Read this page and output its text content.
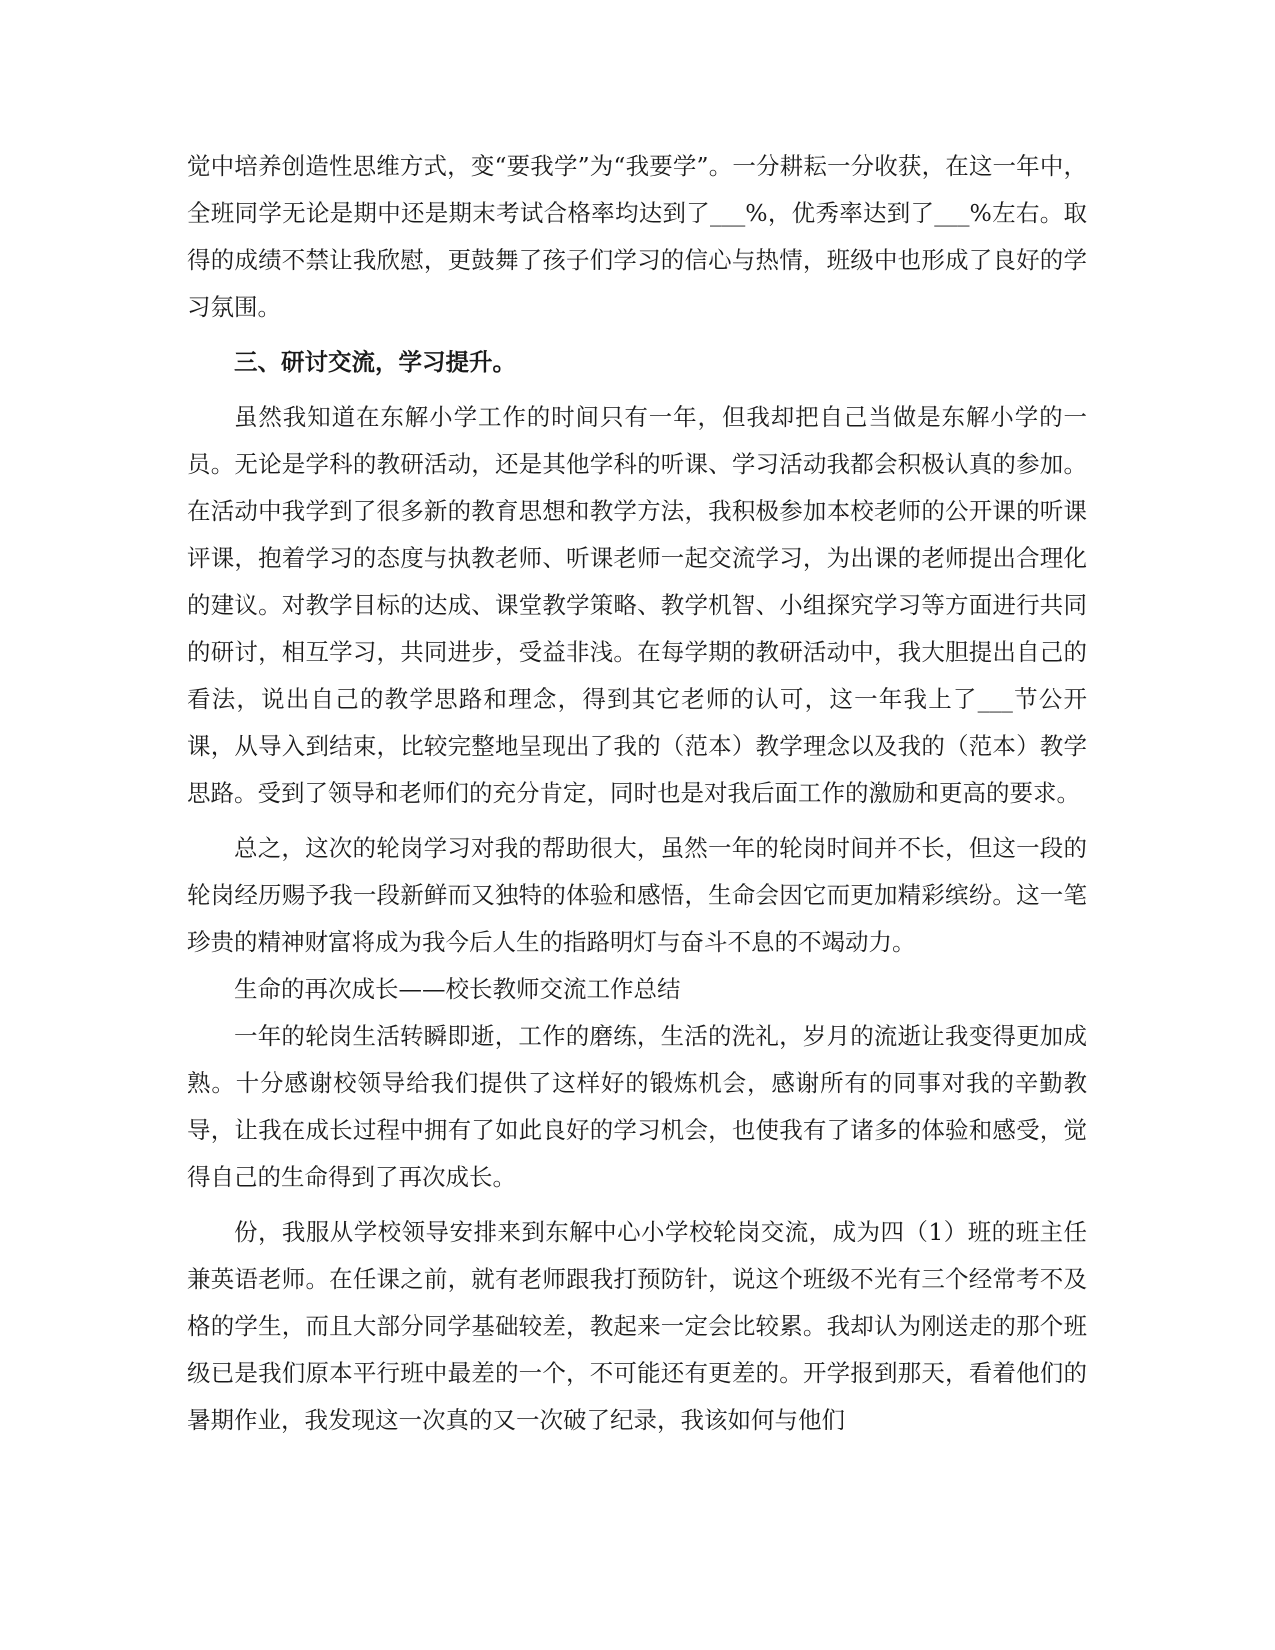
觉中培养创造性思维方式，变“要我学”为“我要学”。一分耕耘一分收获，在这一年中，全班同学无论是期中还是期末考试合格率均达到了___%，优秀率达到了___%左右。取得的成绩不禁让我欣慰，更鼓舞了孩子们学习的信心与热情，班级中也形成了良好的学习氛围。

三、研讨交流，学习提升。

虽然我知道在东解小学工作的时间只有一年，但我却把自己当做是东解小学的一员。无论是学科的教研活动，还是其他学科的听课、学习活动我都会积极认真的参加。在活动中我学到了很多新的教育思想和教学方法，我积极参加本校老师的公开课的听课评课，抱着学习的态度与执教老师、听课老师一起交流学习，为出课的老师提出合理化的建议。对教学目标的达成、课堂教学策略、教学机智、小组探究学习等方面进行共同的研讨，相互学习，共同进步，受益非浅。在每学期的教研活动中，我大胆提出自己的看法，说出自己的教学思路和理念，得到其它老师的认可，这一年我上了___节公开课，从导入到结束，比较完整地呈现出了我的（范本）教学理念以及我的（范本）教学思路。受到了领导和老师们的充分肯定，同时也是对我后面工作的激励和更高的要求。

总之，这次的轮岗学习对我的帮助很大，虽然一年的轮岗时间并不长，但这一段的轮岗经历赐予我一段新鲜而又独特的体验和感悟，生命会因它而更加精彩缤纷。这一笔珍贵的精神财富将成为我今后人生的指路明灯与奋斗不息的不竭动力。

生命的再次成长——校长教师交流工作总结

一年的轮岗生活转瞬即逝，工作的磨练，生活的洗礼，岁月的流逝让我变得更加成熟。十分感谢校领导给我们提供了这样好的锻炼机会，感谢所有的同事对我的辛勤教导，让我在成长过程中拥有了如此良好的学习机会，也使我有了诸多的体验和感受，觉得自己的生命得到了再次成长。

份，我服从学校领导安排来到东解中心小学校轮岗交流，成为四（1）班的班主任兼英语老师。在任课之前，就有老师跟我打预防针，说这个班级不光有三个经常考不及格的学生，而且大部分同学基础较差，教起来一定会比较累。我却认为刚送走的那个班级已是我们原本平行班中最差的一个，不可能还有更差的。开学报到那天，看着他们的暑期作业，我发现这一次真的又一次破了纪录，我该如何与他们
